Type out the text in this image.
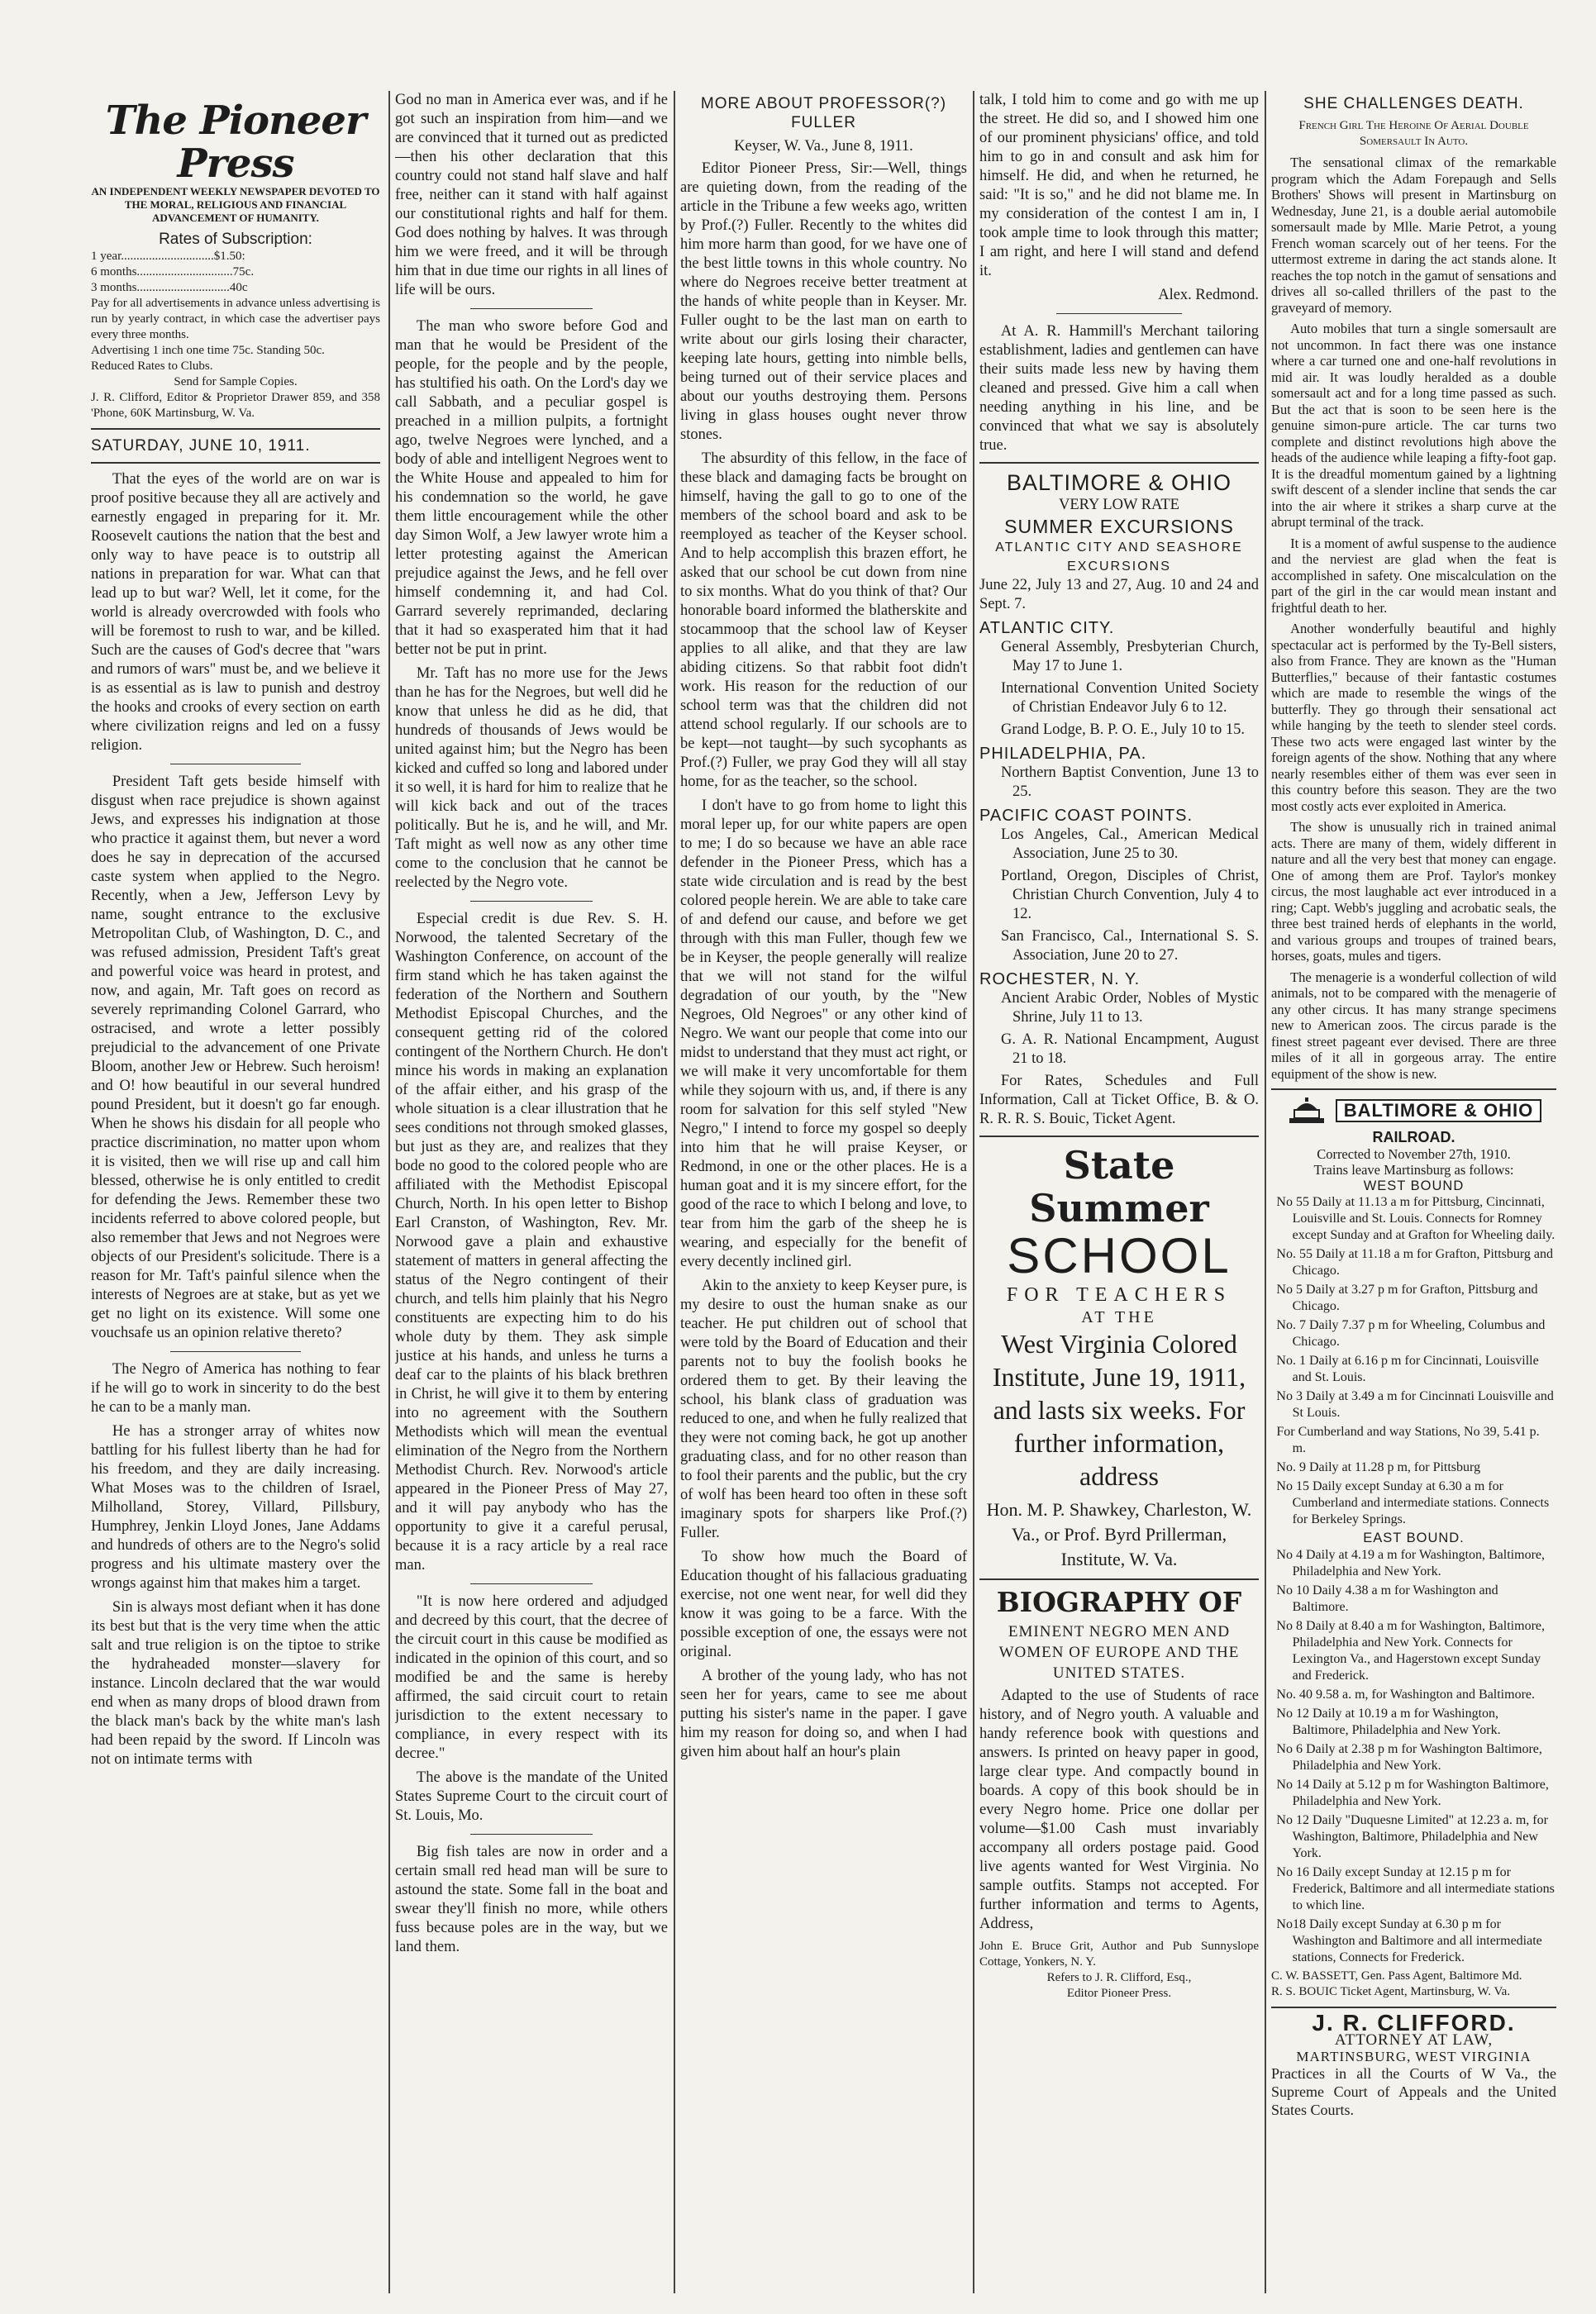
The Pioneer Press
AN INDEPENDENT WEEKLY NEWSPAPER DEVOTED TO THE MORAL, RELIGIOUS AND FINANCIAL ADVANCEMENT OF HUMANITY.
Rates of Subscription:
1 year..............................$1.50:
6 months...............................75c.
3 months..............................40c
Pay for all advertisements in advance unless advertising is run by yearly contract, in which case the advertiser pays every three months.
Advertising 1 inch one time 75c. Standing 50c.
Reduced Rates to Clubs.
Send for Sample Copies.
J. R. Clifford, Editor & Proprietor Drawer 859, and 358 'Phone, 60K Martinsburg, W. Va.
SATURDAY, JUNE 10, 1911.

That the eyes of the world are on war is proof positive because they all are actively and earnestly engaged in preparing for it. Mr. Roosevelt cautions the nation that the best and only way to have peace is to outstrip all nations in preparation for war. What can that lead up to but war? Well, let it come, for the world is already overcrowded with fools who will be foremost to rush to war, and be killed. Such are the causes of God's decree that "wars and rumors of wars" must be, and we believe it is as essential as is law to punish and destroy the hooks and crooks of every section on earth where civilization reigns and led on a fussy religion.

President Taft gets beside himself with disgust when race prejudice is shown against Jews, and expresses his indignation at those who practice it against them, but never a word does he say in deprecation of the accursed caste system when applied to the Negro. Recently, when a Jew, Jefferson Levy by name, sought entrance to the exclusive Metropolitan Club, of Washington, D. C., and was refused admission, President Taft's great and powerful voice was heard in protest, and now, and again, Mr. Taft goes on record as severely reprimanding Colonel Garrard, who ostracised, and wrote a letter possibly prejudicial to the advancement of one Private Bloom, another Jew or Hebrew. Such heroism! and O! how beautiful in our several hundred pound President, but it doesn't go far enough. When he shows his disdain for all people who practice discrimination, no matter upon whom it is visited, then we will rise up and call him blessed, otherwise he is only entitled to credit for defending the Jews. Remember these two incidents referred to above colored people, but also remember that Jews and not Negroes were objects of our President's solicitude. There is a reason for Mr. Taft's painful silence when the interests of Negroes are at stake, but as yet we get no light on its existence. Will some one vouchsafe us an opinion relative thereto?

The Negro of America has nothing to fear if he will go to work in sincerity to do the best he can to be a manly man.

He has a stronger array of whites now battling for his fullest liberty than he had for his freedom, and they are daily increasing. What Moses was to the children of Israel, Milholland, Storey, Villard, Pillsbury, Humphrey, Jenkin Lloyd Jones, Jane Addams and hundreds of others are to the Negro's solid progress and his ultimate mastery over the wrongs against him that makes him a target.

Sin is always most defiant when it has done its best but that is the very time when the attic salt and true religion is on the tiptoe to strike the hydraheaded monster—slavery for instance. Lincoln declared that the war would end when as many drops of blood drawn from the black man's back by the white man's lash had been repaid by the sword. If Lincoln was not on intimate terms with

God no man in America ever was, and if he got such an inspiration from him—and we are convinced that it turned out as predicted—then his other declaration that this country could not stand half slave and half free, neither can it stand with half against our constitutional rights and half for them. God does nothing by halves. It was through him we were freed, and it will be through him that in due time our rights in all lines of life will be ours.

The man who swore before God and man that he would be President of the people, for the people and by the people, has stultified his oath. On the Lord's day we call Sabbath, and a peculiar gospel is preached in a million pulpits, a fortnight ago, twelve Negroes were lynched, and a body of able and intelligent Negroes went to the White House and appealed to him for his condemnation so the world, he gave them little encouragement while the other day Simon Wolf, a Jew lawyer wrote him a letter protesting against the American prejudice against the Jews, and he fell over himself condemning it, and had Col. Garrard severely reprimanded, declaring that it had so exasperated him that it had better not be put in print.

Mr. Taft has no more use for the Jews than he has for the Negroes, but well did he know that unless he did as he did, that hundreds of thousands of Jews would be united against him; but the Negro has been kicked and cuffed so long and labored under it so well, it is hard for him to realize that he will kick back and out of the traces politically. But he is, and he will, and Mr. Taft might as well now as any other time come to the conclusion that he cannot be reelected by the Negro vote.

Especial credit is due Rev. S. H. Norwood, the talented Secretary of the Washington Conference, on account of the firm stand which he has taken against the federation of the Northern and Southern Methodist Episcopal Churches, and the consequent getting rid of the colored contingent of the Northern Church. He don't mince his words in making an explanation of the affair either, and his grasp of the whole situation is a clear illustration that he sees conditions not through smoked glasses, but just as they are, and realizes that they bode no good to the colored people who are affiliated with the Methodist Episcopal Church, North. In his open letter to Bishop Earl Cranston, of Washington, Rev. Mr. Norwood gave a plain and exhaustive statement of matters in general affecting the status of the Negro contingent of their church, and tells him plainly that his Negro constituents are expecting him to do his whole duty by them. They ask simple justice at his hands, and unless he turns a deaf car to the plaints of his black brethren in Christ, he will give it to them by entering into no agreement with the Southern Methodists which will mean the eventual elimination of the Negro from the Northern Methodist Church. Rev. Norwood's article appeared in the Pioneer Press of May 27, and it will pay anybody who has the opportunity to give it a careful perusal, because it is a racy article by a real race man.

"It is now here ordered and adjudged and decreed by this court, that the decree of the circuit court in this cause be modified as indicated in the opinion of this court, and so modified be and the same is hereby affirmed, the said circuit court to retain jurisdiction to the extent necessary to compliance, in every respect with its decree."

The above is the mandate of the United States Supreme Court to the circuit court of St. Louis, Mo.

Big fish tales are now in order and a certain small red head man will be sure to astound the state. Some fall in the boat and swear they'll finish no more, while others fuss because poles are in the way, but we land them.

MORE ABOUT PROFESSOR(?) FULLER
Keyser, W. Va., June 8, 1911.

Editor Pioneer Press, Sir:—Well, things are quieting down, from the reading of the article in the Tribune a few weeks ago, written by Prof.(?) Fuller. Recently to the whites did him more harm than good, for we have one of the best little towns in this whole country. No where do Negroes receive better treatment at the hands of white people than in Keyser. Mr. Fuller ought to be the last man on earth to write about our girls losing their character, keeping late hours, getting into nimble bells, being turned out of their service places and about our youths destroying them. Persons living in glass houses ought never throw stones.

The absurdity of this fellow, in the face of these black and damaging facts be brought on himself, having the gall to go to one of the members of the school board and ask to be reemployed as teacher of the Keyser school. And to help accomplish this brazen effort, he asked that our school be cut down from nine to six months. What do you think of that? Our honorable board informed the blatherskite and stocammoop that the school law of Keyser applies to all alike, and that they are law abiding citizens. So that rabbit foot didn't work. His reason for the reduction of our school term was that the children did not attend school regularly. If our schools are to be kept—not taught—by such sycophants as Prof.(?) Fuller, we pray God they will all stay home, for as the teacher, so the school.

I don't have to go from home to light this moral leper up, for our white papers are open to me; I do so because we have an able race defender in the Pioneer Press, which has a state wide circulation and is read by the best colored people herein. We are able to take care of and defend our cause, and before we get through with this man Fuller, though few we be in Keyser, the people generally will realize that we will not stand for the wilful degradation of our youth, by the "New Negroes, Old Negroes" or any other kind of Negro. We want our people that come into our midst to understand that they must act right, or we will make it very uncomfortable for them while they sojourn with us, and, if there is any room for salvation for this self styled "New Negro," I intend to force my gospel so deeply into him that he will praise Keyser, or Redmond, in one or the other places. He is a human goat and it is my sincere effort, for the good of the race to which I belong and love, to tear from him the garb of the sheep he is wearing, and especially for the benefit of every decently inclined girl.

Akin to the anxiety to keep Keyser pure, is my desire to oust the human snake as our teacher. He put children out of school that were told by the Board of Education and their parents not to buy the foolish books he ordered them to get. By their leaving the school, his blank class of graduation was reduced to one, and when he fully realized that they were not coming back, he got up another graduating class, and for no other reason than to fool their parents and the public, but the cry of wolf has been heard too often in these soft imaginary spots for sharpers like Prof.(?) Fuller.

To show how much the Board of Education thought of his fallacious graduating exercise, not one went near, for well did they know it was going to be a farce. With the possible exception of one, the essays were not original.

A brother of the young lady, who has not seen her for years, came to see me about putting his sister's name in the paper. I gave him my reason for doing so, and when I had given him about half an hour's plain

talk, I told him to come and go with me up the street. He did so, and I showed him one of our prominent physicians' office, and told him to go in and consult and ask him for himself. He did, and when he returned, he said: "It is so," and he did not blame me. In my consideration of the contest I am in, I took ample time to look through this matter; I am right, and here I will stand and defend it.

Alex. Redmond.

At A. R. Hammill's Merchant tailoring establishment, ladies and gentlemen can have their suits made less new by having them cleaned and pressed. Give him a call when needing anything in his line, and be convinced that what we say is absolutely true.

BALTIMORE & OHIO
VERY LOW RATE
SUMMER EXCURSIONS
ATLANTIC CITY AND SEASHORE
EXCURSIONS

June 22, July 13 and 27, Aug. 10 and 24 and Sept. 7.

ATLANTIC CITY.

General Assembly, Presbyterian Church, May 17 to June 1.

International Convention United Society of Christian Endeavor July 6 to 12.

Grand Lodge, B. P. O. E., July 10 to 15.

PHILADELPHIA, PA.

Northern Baptist Convention, June 13 to 25.

PACIFIC COAST POINTS.

Los Angeles, Cal., American Medical Association, June 25 to 30.

Portland, Oregon, Disciples of Christ, Christian Church Convention, July 4 to 12.

San Francisco, Cal., International S. S. Association, June 20 to 27.

ROCHESTER, N. Y.

Ancient Arabic Order, Nobles of Mystic Shrine, July 11 to 13.

G. A. R. National Encampment, August 21 to 18.

For Rates, Schedules and Full Information, Call at Ticket Office, B. & O. R. R. R. S. Bouic, Ticket Agent.

State Summer
SCHOOL
FOR TEACHERS
AT THE
West Virginia Colored Institute, June 19, 1911, and lasts six weeks. For further information, address
Hon. M. P. Shawkey, Charleston, W. Va., or Prof. Byrd Prillerman, Institute, W. Va.
BIOGRAPHY OF
EMINENT NEGRO MEN AND WOMEN OF EUROPE AND THE UNITED STATES.

Adapted to the use of Students of race history, and of Negro youth. A valuable and handy reference book with questions and answers. Is printed on heavy paper in good, large clear type. And compactly bound in boards. A copy of this book should be in every Negro home. Price one dollar per volume—$1.00 Cash must invariably accompany all orders postage paid. Good live agents wanted for West Virginia. No sample outfits. Stamps not accepted. For further information and terms to Agents, Address,

John E. Bruce Grit, Author and Pub Sunnyslope Cottage, Yonkers, N. Y.
Refers to J. R. Clifford, Esq.,
Editor Pioneer Press.
SHE CHALLENGES DEATH.
French Girl The Heroine Of Aerial Double Somersault In Auto.

The sensational climax of the remarkable program which the Adam Forepaugh and Sells Brothers' Shows will present in Martinsburg on Wednesday, June 21, is a double aerial automobile somersault made by Mlle. Marie Petrot, a young French woman scarcely out of her teens. For the uttermost extreme in daring the act stands alone. It reaches the top notch in the gamut of sensations and drives all so-called thrillers of the past to the graveyard of memory.

Auto mobiles that turn a single somersault are not uncommon. In fact there was one instance where a car turned one and one-half revolutions in mid air. It was loudly heralded as a double somersault act and for a long time passed as such. But the act that is soon to be seen here is the genuine simon-pure article. The car turns two complete and distinct revolutions high above the heads of the audience while leaping a fifty-foot gap. It is the dreadful momentum gained by a lightning swift descent of a slender incline that sends the car into the air where it strikes a sharp curve at the abrupt terminal of the track.

It is a moment of awful suspense to the audience and the nerviest are glad when the feat is accomplished in safety. One miscalculation on the part of the girl in the car would mean instant and frightful death to her.

Another wonderfully beautiful and highly spectacular act is performed by the Ty-Bell sisters, also from France. They are known as the "Human Butterflies," because of their fantastic costumes which are made to resemble the wings of the butterfly. They go through their sensational act while hanging by the teeth to slender steel cords. These two acts were engaged last winter by the foreign agents of the show. Nothing that any where nearly resembles either of them was ever seen in this country before this season. They are the two most costly acts ever exploited in America.

The show is unusually rich in trained animal acts. There are many of them, widely different in nature and all the very best that money can engage. One of among them are Prof. Taylor's monkey circus, the most laughable act ever introduced in a ring; Capt. Webb's juggling and acrobatic seals, the three best trained herds of elephants in the world, and various groups and troupes of trained bears, horses, goats, mules and tigers.

The menagerie is a wonderful collection of wild animals, not to be compared with the menagerie of any other circus. It has many strange specimens new to American zoos. The circus parade is the finest street pageant ever devised. There are three miles of it all in gorgeous array. The entire equipment of the show is new.

BALTIMORE & OHIO
RAILROAD.
Corrected to November 27th, 1910.
Trains leave Martinsburg as follows:
WEST BOUND

No 55 Daily at 11.13 a m for Pittsburg, Cincinnati, Louisville and St. Louis. Connects for Romney except Sunday and at Grafton for Wheeling daily.

No. 55 Daily at 11.18 a m for Grafton, Pittsburg and Chicago.

No 5 Daily at 3.27 p m for Grafton, Pittsburg and Chicago.

No. 7 Daily 7.37 p m for Wheeling, Columbus and Chicago.

No. 1 Daily at 6.16 p m for Cincinnati, Louisville and St. Louis.

No 3 Daily at 3.49 a m for Cincinnati Louisville and St Louis.

For Cumberland and way Stations, No 39, 5.41 p. m.

No. 9 Daily at 11.28 p m, for Pittsburg

No 15 Daily except Sunday at 6.30 a m for Cumberland and intermediate stations. Connects for Berkeley Springs.

EAST BOUND.

No 4 Daily at 4.19 a m for Washington, Baltimore, Philadelphia and New York.

No 10 Daily 4.38 a m for Washington and Baltimore.

No 8 Daily at 8.40 a m for Washington, Baltimore, Philadelphia and New York. Connects for Lexington Va., and Hagerstown except Sunday and Frederick.

No. 40 9.58 a. m, for Washington and Baltimore.

No 12 Daily at 10.19 a m for Washington, Baltimore, Philadelphia and New York.

No 6 Daily at 2.38 p m for Washington Baltimore, Philadelphia and New York.

No 14 Daily at 5.12 p m for Washington Baltimore, Philadelphia and New York.

No 12 Daily "Duquesne Limited" at 12.23 a. m, for Washington, Baltimore, Philadelphia and New York.

No 16 Daily except Sunday at 12.15 p m for Frederick, Baltimore and all intermediate stations to which line.

No18 Daily except Sunday at 6.30 p m for Washington and Baltimore and all intermediate stations, Connects for Frederick.

C. W. BASSETT, Gen. Pass Agent, Baltimore Md.
R. S. BOUIC Ticket Agent, Martinsburg, W. Va.
J. R. CLIFFORD.
ATTORNEY AT LAW,
MARTINSBURG, WEST VIRGINIA

Practices in all the Courts of W Va., the Supreme Court of Appeals and the United States Courts.
